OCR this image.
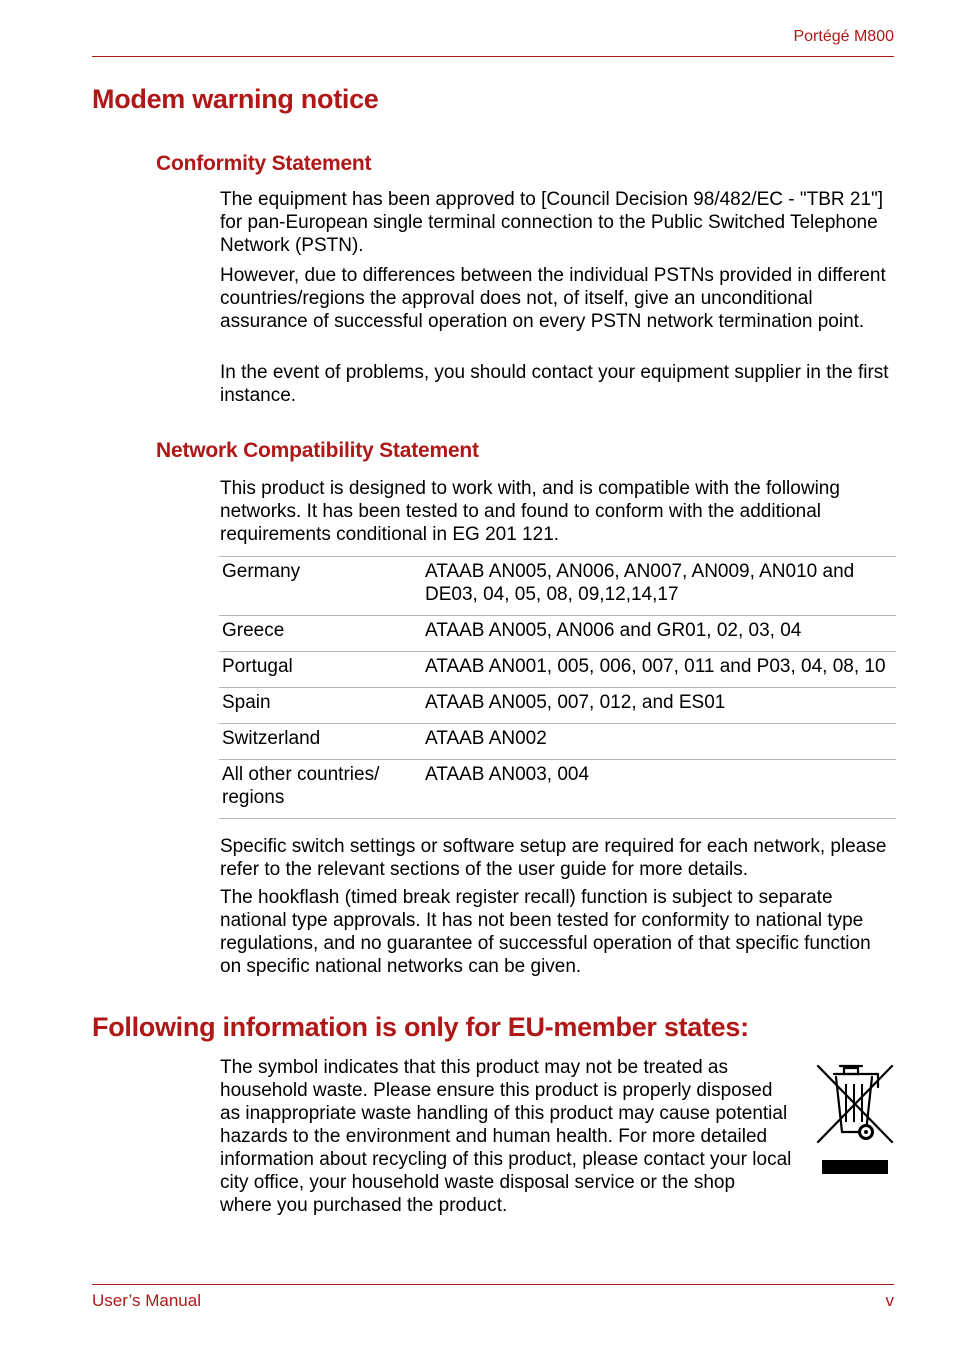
Portégé M800
Modem warning notice
Conformity Statement

The equipment has been approved to [Council Decision 98/482/EC - "TBR 21"] for pan-European single terminal connection to the Public Switched Telephone Network (PSTN).

However, due to differences between the individual PSTNs provided in different countries/regions the approval does not, of itself, give an unconditional assurance of successful operation on every PSTN network termination point.

In the event of problems, you should contact your equipment supplier in the first instance.

Network Compatibility Statement

This product is designed to work with, and is compatible with the following networks. It has been tested to and found to conform with the additional requirements conditional in EG 201 121.

Germany	ATAAB AN005, AN006, AN007, AN009, AN010 and DE03, 04, 05, 08, 09,12,14,17
Greece	ATAAB AN005, AN006 and GR01, 02, 03, 04
Portugal	ATAAB AN001, 005, 006, 007, 011 and P03, 04, 08, 10
Spain	ATAAB AN005, 007, 012, and ES01
Switzerland	ATAAB AN002
All other countries/ regions	ATAAB AN003, 004

Specific switch settings or software setup are required for each network, please refer to the relevant sections of the user guide for more details.

The hookflash (timed break register recall) function is subject to separate national type approvals. It has not been tested for conformity to national type regulations, and no guarantee of successful operation of that specific function on specific national networks can be given.

Following information is only for EU-member states:

The symbol indicates that this product may not be treated as household waste. Please ensure this product is properly disposed as inappropriate waste handling of this product may cause potential hazards to the environment and human health. For more detailed information about recycling of this product, please contact your local city office, your household waste disposal service or the shop where you purchased the product.

User’s Manual	v
